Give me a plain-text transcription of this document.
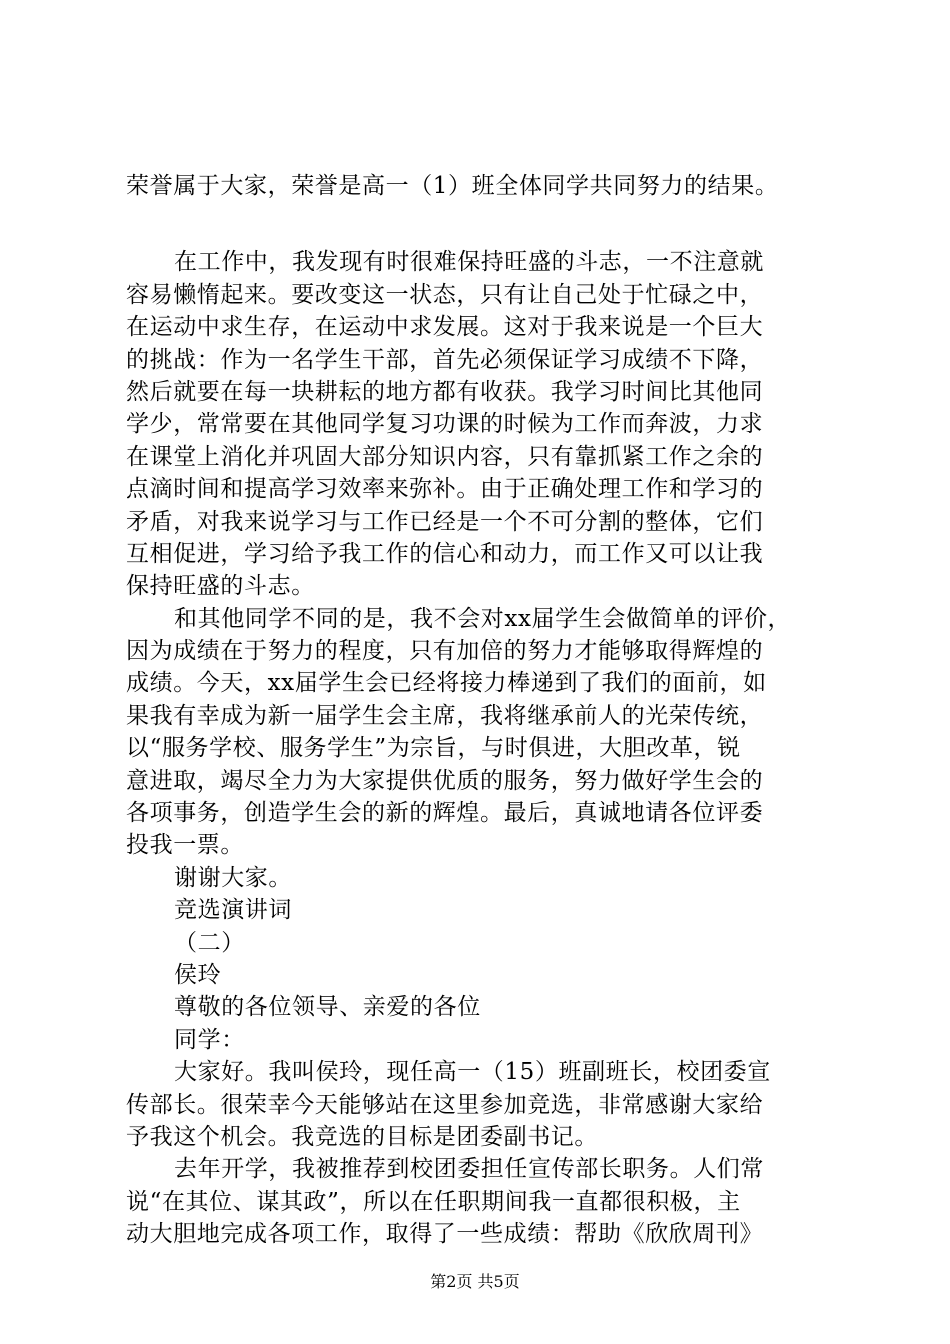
荣誉属于大家，荣誉是高一（1）班全体同学共同努力的结果。
在工作中，我发现有时很难保持旺盛的斗志，一不注意就
容易懒惰起来。要改变这一状态，只有让自己处于忙碌之中，
在运动中求生存，在运动中求发展。这对于我来说是一个巨大
的挑战：作为一名学生干部，首先必须保证学习成绩不下降，
然后就要在每一块耕耘的地方都有收获。我学习时间比其他同
学少，常常要在其他同学复习功课的时候为工作而奔波，力求
在课堂上消化并巩固大部分知识内容，只有靠抓紧工作之余的
点滴时间和提高学习效率来弥补。由于正确处理工作和学习的
矛盾，对我来说学习与工作已经是一个不可分割的整体，它们
互相促进，学习给予我工作的信心和动力，而工作又可以让我
保持旺盛的斗志。
和其他同学不同的是，我不会对xx届学生会做简单的评价，
因为成绩在于努力的程度，只有加倍的努力才能够取得辉煌的
成绩。今天，xx届学生会已经将接力棒递到了我们的面前，如
果我有幸成为新一届学生会主席，我将继承前人的光荣传统，
以“服务学校、服务学生”为宗旨，与时俱进，大胆改革，锐
意进取，竭尽全力为大家提供优质的服务，努力做好学生会的
各项事务，创造学生会的新的辉煌。最后，真诚地请各位评委
投我一票。
谢谢大家。
竞选演讲词
（二）
侯玲
尊敬的各位领导、亲爱的各位
同学：
大家好。我叫侯玲，现任高一（15）班副班长，校团委宣
传部长。很荣幸今天能够站在这里参加竞选，非常感谢大家给
予我这个机会。我竞选的目标是团委副书记。
去年开学，我被推荐到校团委担任宣传部长职务。人们常
说“在其位、谋其政”，所以在任职期间我一直都很积极，主
动大胆地完成各项工作，取得了一些成绩：帮助《欣欣周刊》
第2页 共5页
